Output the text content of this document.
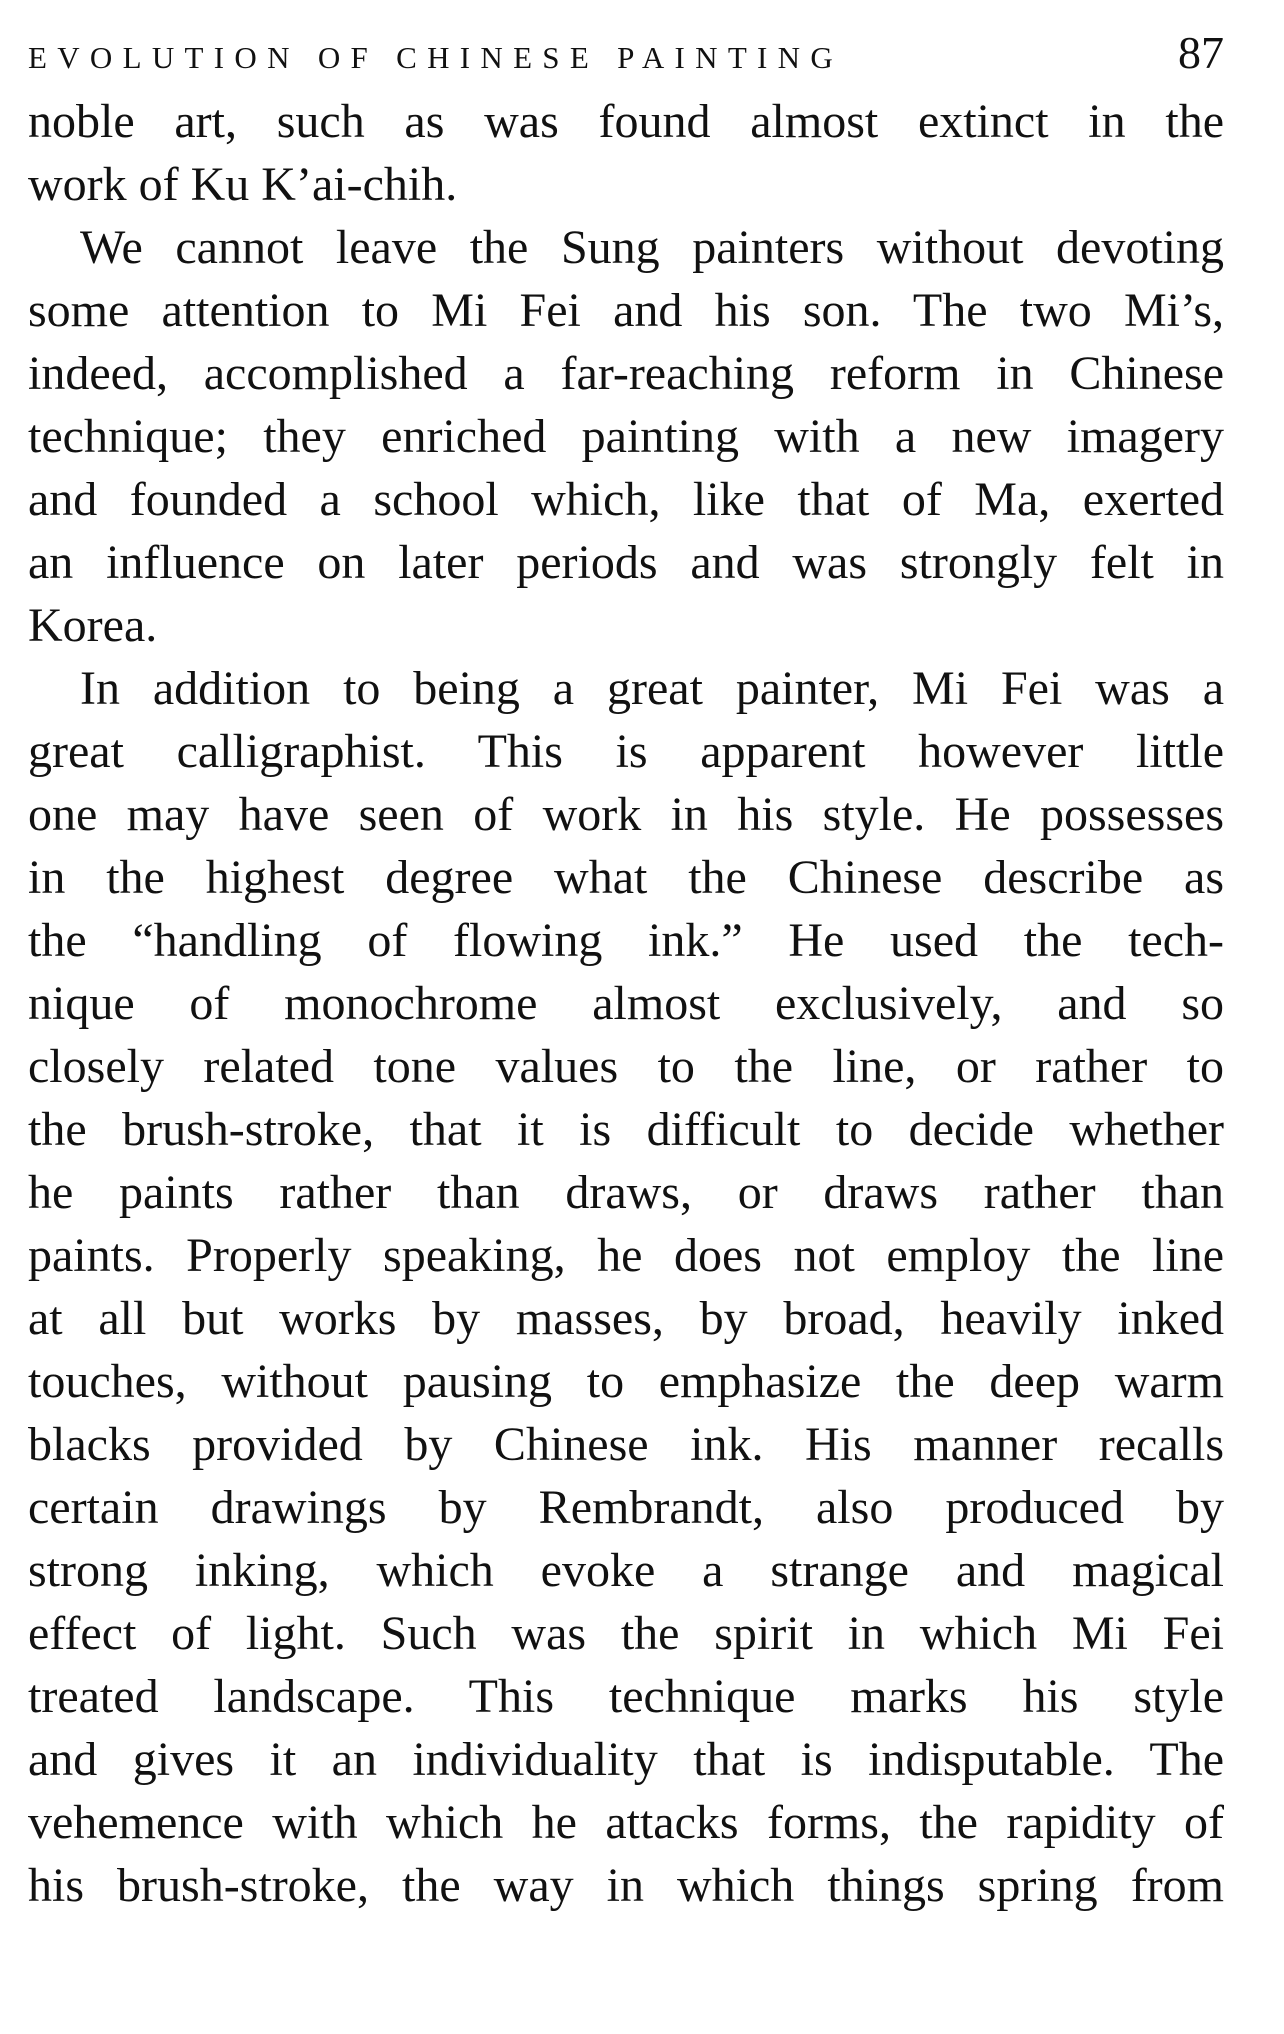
EVOLUTION OF CHINESE PAINTING	87
noble art, such as was found almost extinct in the
work of Ku K’ai-chih.
We cannot leave the Sung painters without devoting
some attention to Mi Fei and his son. The two Mi’s,
indeed, accomplished a far-reaching reform in Chinese
technique; they enriched painting with a new imagery
and founded a school which, like that of Ma, exerted
an influence on later periods and was strongly felt in
Korea.
In addition to being a great painter, Mi Fei was a
great calligraphist. This is apparent however little
one may have seen of work in his style. He possesses
in the highest degree what the Chinese describe as
the “handling of flowing ink.” He used the tech-
nique of monochrome almost exclusively, and so
closely related tone values to the line, or rather to
the brush-stroke, that it is difficult to decide whether
he paints rather than draws, or draws rather than
paints. Properly speaking, he does not employ the line
at all but works by masses, by broad, heavily inked
touches, without pausing to emphasize the deep warm
blacks provided by Chinese ink. His manner recalls
certain drawings by Rembrandt, also produced by
strong inking, which evoke a strange and magical
effect of light. Such was the spirit in which Mi Fei
treated landscape. This technique marks his style
and gives it an individuality that is indisputable. The
vehemence with which he attacks forms, the rapidity of
his brush-stroke, the way in which things spring from
